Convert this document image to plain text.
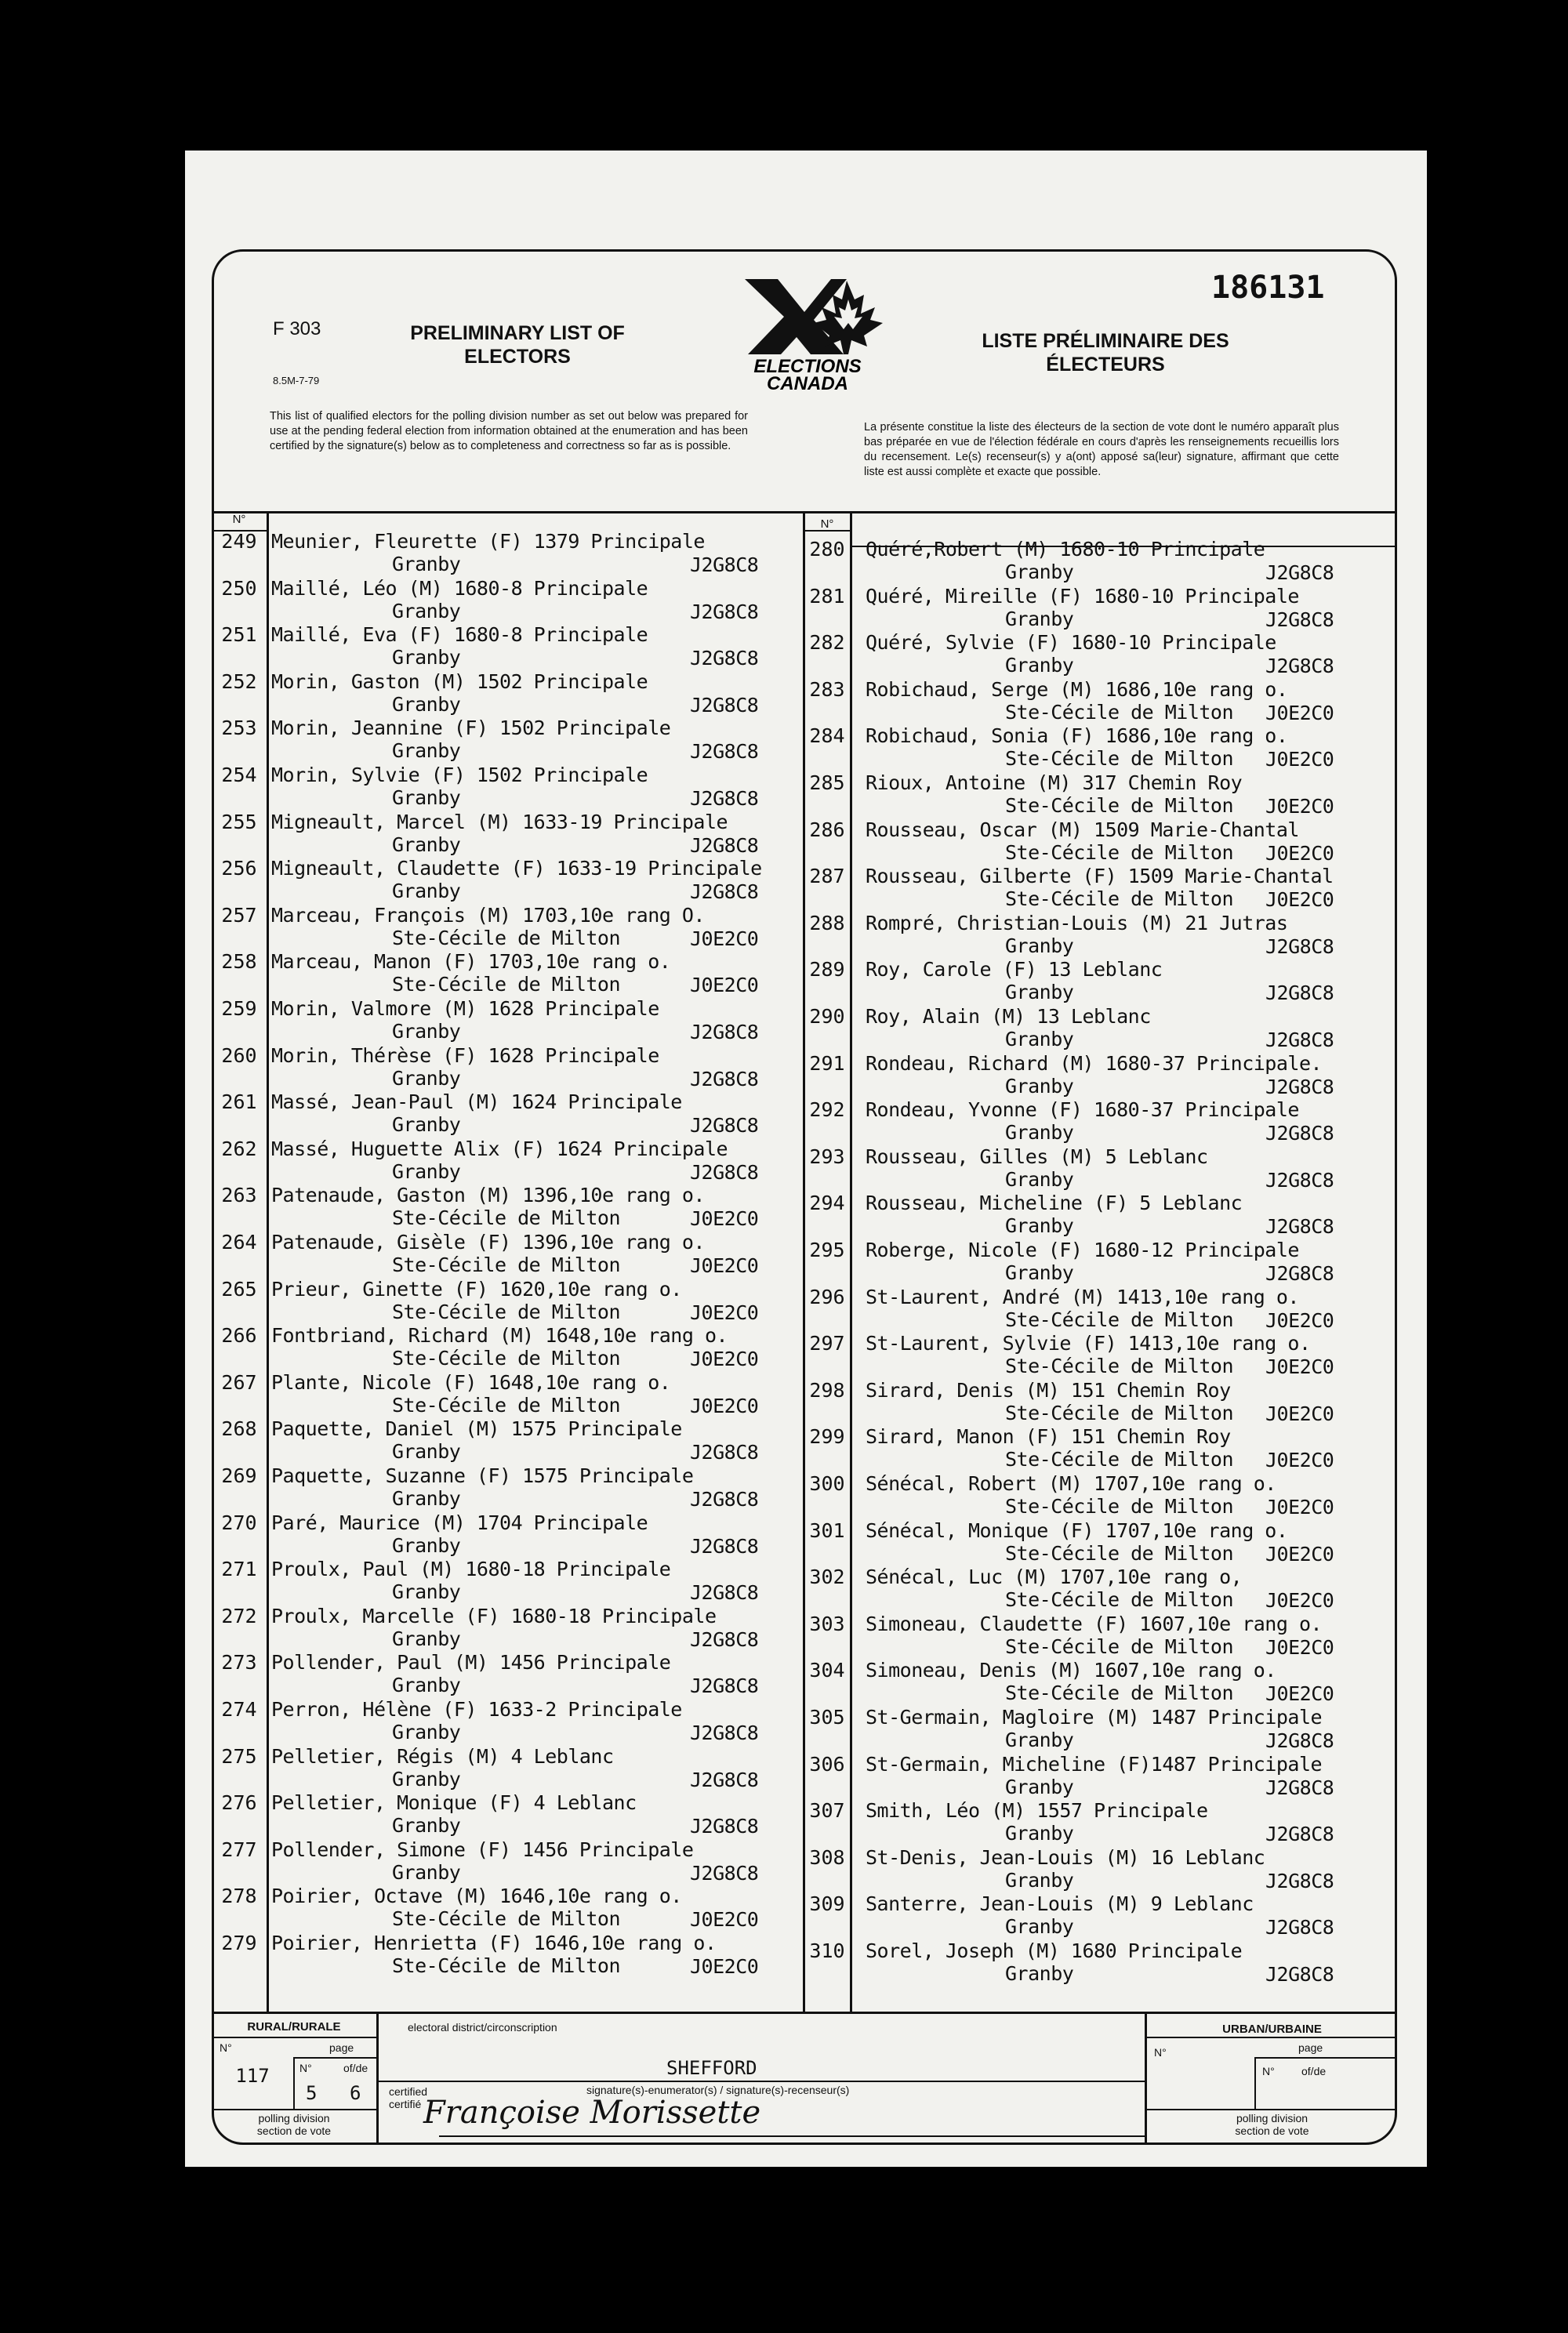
186131
F 303
8.5M-7-79
PRELIMINARY LIST OF
ELECTORS
LISTE PRÉLIMINAIRE DES
ÉLECTEURS
ELECTIONS
CANADA
This list of qualified electors for the polling division number as set out below was prepared for use at the pending federal election from information obtained at the enumeration and has been certified by the signature(s) below as to completeness and correctness so far as is possible.
La présente constitue la liste des électeurs de la section de vote dont le numéro apparaît plus bas préparée en vue de l'élection fédérale en cours d'après les renseignements recueillis lors du recensement. Le(s) recenseur(s) y a(ont) apposé sa(leur) signature, affirmant que cette liste est aussi complète et exacte que possible.
N°	N°
249 Meunier, Fleurette (F) 1379 Principale
Granby	J2G8C8
250 Maillé, Léo (M) 1680-8 Principale
Granby	J2G8C8
251 Maillé, Eva (F) 1680-8 Principale
Granby	J2G8C8
252 Morin, Gaston (M) 1502 Principale
Granby	J2G8C8
253 Morin, Jeannine (F) 1502 Principale
Granby	J2G8C8
254 Morin, Sylvie (F) 1502 Principale
Granby	J2G8C8
255 Migneault, Marcel (M) 1633-19 Principale
Granby	J2G8C8
256 Migneault, Claudette (F) 1633-19 Principale
Granby	J2G8C8
257 Marceau, François (M) 1703,10e rang O.
Ste-Cécile de Milton	J0E2C0
258 Marceau, Manon (F) 1703,10e rang o.
Ste-Cécile de Milton	J0E2C0
259 Morin, Valmore (M) 1628 Principale
Granby	J2G8C8
260 Morin, Thérèse (F) 1628 Principale
Granby	J2G8C8
261 Massé, Jean-Paul (M) 1624 Principale
Granby	J2G8C8
262 Massé, Huguette Alix (F) 1624 Principale
Granby	J2G8C8
263 Patenaude, Gaston (M) 1396,10e rang o.
Ste-Cécile de Milton	J0E2C0
264 Patenaude, Gisèle (F) 1396,10e rang o.
Ste-Cécile de Milton	J0E2C0
265 Prieur, Ginette (F) 1620,10e rang o.
Ste-Cécile de Milton	J0E2C0
266 Fontbriand, Richard (M) 1648,10e rang o.
Ste-Cécile de Milton	J0E2C0
267 Plante, Nicole (F) 1648,10e rang o.
Ste-Cécile de Milton	J0E2C0
268 Paquette, Daniel (M) 1575 Principale
Granby	J2G8C8
269 Paquette, Suzanne (F) 1575 Principale
Granby	J2G8C8
270 Paré, Maurice (M) 1704 Principale
Granby	J2G8C8
271 Proulx, Paul (M) 1680-18 Principale
Granby	J2G8C8
272 Proulx, Marcelle (F) 1680-18 Principale
Granby	J2G8C8
273 Pollender, Paul (M) 1456 Principale
Granby	J2G8C8
274 Perron, Hélène (F) 1633-2 Principale
Granby	J2G8C8
275 Pelletier, Régis (M) 4 Leblanc
Granby	J2G8C8
276 Pelletier, Monique (F) 4 Leblanc
Granby	J2G8C8
277 Pollender, Simone (F) 1456 Principale
Granby	J2G8C8
278 Poirier, Octave (M) 1646,10e rang o.
Ste-Cécile de Milton	J0E2C0
279 Poirier, Henrietta (F) 1646,10e rang o.
Ste-Cécile de Milton	J0E2C0
280 Quéré,Robert (M) 1680-10 Principale
Granby	J2G8C8
281 Quéré, Mireille (F) 1680-10 Principale
Granby	J2G8C8
282 Quéré, Sylvie (F) 1680-10 Principale
Granby	J2G8C8
283 Robichaud, Serge (M) 1686,10e rang o.
Ste-Cécile de Milton J0E2C0
284 Robichaud, Sonia (F) 1686,10e rang o.
Ste-Cécile de Milton J0E2C0
285 Rioux, Antoine (M) 317 Chemin Roy
Ste-Cécile de Milton J0E2C0
286 Rousseau, Oscar (M) 1509 Marie-Chantal
Ste-Cécile de Milton J0E2C0
287 Rousseau, Gilberte (F) 1509 Marie-Chantal
Ste-Cécile de Milton J0E2C0
288 Rompré, Christian-Louis (M) 21 Jutras
Granby	J2G8C8
289 Roy, Carole (F) 13 Leblanc
Granby	J2G8C8
290 Roy, Alain (M) 13 Leblanc
Granby	J2G8C8
291 Rondeau, Richard (M) 1680-37 Principale.
Granby	J2G8C8
292 Rondeau, Yvonne (F) 1680-37 Principale
Granby	J2G8C8
293 Rousseau, Gilles (M) 5 Leblanc
Granby	J2G8C8
294 Rousseau, Micheline (F) 5 Leblanc
Granby	J2G8C8
295 Roberge, Nicole (F) 1680-12 Principale
Granby	J2G8C8
296 St-Laurent, André (M) 1413,10e rang o.
Ste-Cécile de Milton J0E2C0
297 St-Laurent, Sylvie (F) 1413,10e rang o.
Ste-Cécile de Milton J0E2C0
298 Sirard, Denis (M) 151 Chemin Roy
Ste-Cécile de Milton J0E2C0
299 Sirard, Manon (F) 151 Chemin Roy
Ste-Cécile de Milton J0E2C0
300 Sénécal, Robert (M) 1707,10e rang o.
Ste-Cécile de Milton J0E2C0
301 Sénécal, Monique (F) 1707,10e rang o.
Ste-Cécile de Milton J0E2C0
302 Sénécal, Luc (M) 1707,10e rang o,
Ste-Cécile de Milton J0E2C0
303 Simoneau, Claudette (F) 1607,10e rang o.
Ste-Cécile de Milton J0E2C0
304 Simoneau, Denis (M) 1607,10e rang o.
Ste-Cécile de Milton J0E2C0
305 St-Germain, Magloire (M) 1487 Principale
Granby	J2G8C8
306 St-Germain, Micheline (F)1487 Principale
Granby	J2G8C8
307 Smith, Léo (M) 1557 Principale
Granby	J2G8C8
308 St-Denis, Jean-Louis (M) 16 Leblanc
Granby	J2G8C8
309 Santerre, Jean-Louis (M) 9 Leblanc
Granby	J2G8C8
310 Sorel, Joseph (M) 1680 Principale
Granby	J2G8C8
RURAL/RURALE
N°	page
117	N°	of/de
5 6
polling division
section de vote
electoral district/circonscription
SHEFFORD
certified
certifié
signature(s)-enumerator(s) / signature(s)-recenseur(s)
Françoise Morissette
URBAN/URBAINE
N°	page
N° of/de
polling division
section de vote
